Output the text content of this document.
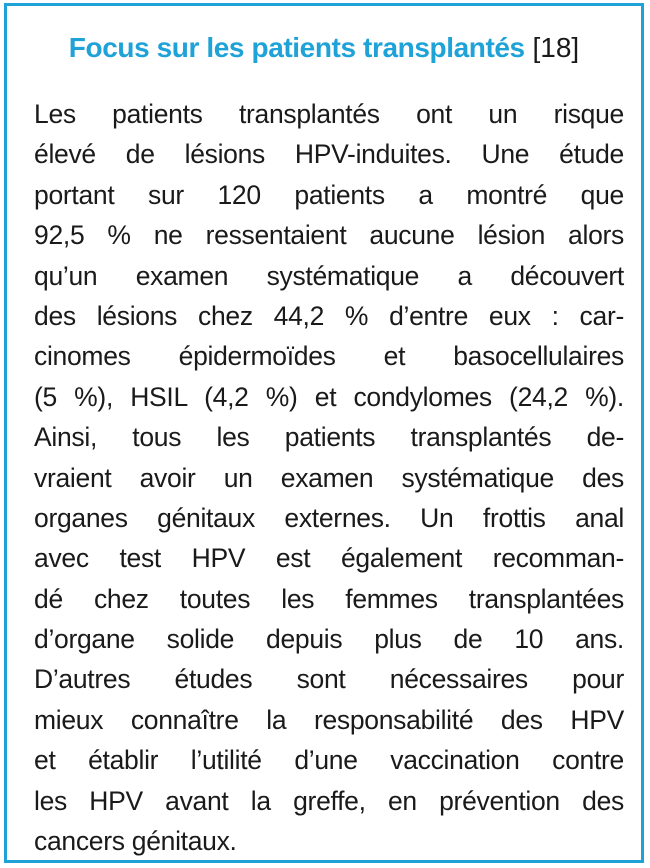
Focus sur les patients transplantés [18]
Les patients transplantés ont un risque
élevé de lésions HPV-induites. Une étude
portant sur 120 patients a montré que
92,5 % ne ressentaient aucune lésion alors
qu’un examen systématique a découvert
des lésions chez 44,2 % d’entre eux : car-
cinomes épidermoïdes et basocellulaires
(5 %), HSIL (4,2 %) et condylomes (24,2 %).
Ainsi, tous les patients transplantés de-
vraient avoir un examen systématique des
organes génitaux externes. Un frottis anal
avec test HPV est également recomman-
dé chez toutes les femmes transplantées
d’organe solide depuis plus de 10 ans.
D’autres études sont nécessaires pour
mieux connaître la responsabilité des HPV
et établir l’utilité d’une vaccination contre
les HPV avant la greffe, en prévention des
cancers génitaux.
